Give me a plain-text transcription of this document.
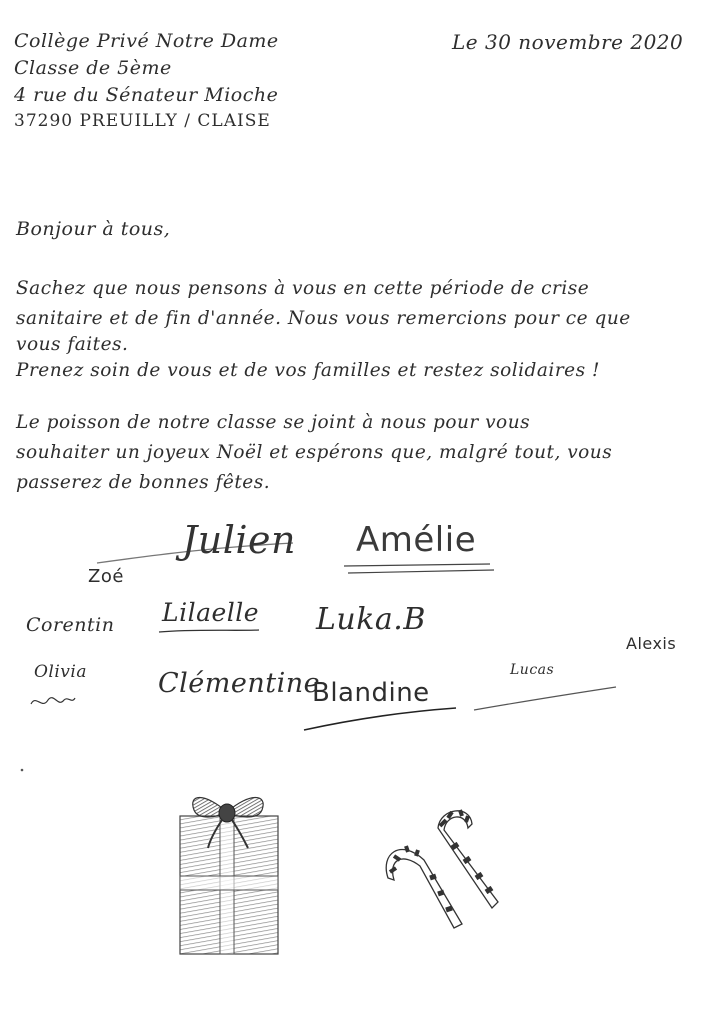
Collège Privé Notre Dame
Classe de 5ème
4 rue du Sénateur Mioche
37290 PREUILLY / CLAISE
Le 30 novembre 2020
Bonjour à tous,
Sachez que nous pensons à vous en cette période de crise
sanitaire et de fin d'année. Nous vous remercions pour ce que
vous faites.
Prenez soin de vous et de vos familles et restez solidaires !
Le poisson de notre classe se joint à nous pour vous
souhaiter un joyeux Noël et espérons que, malgré tout, vous
passerez de bonnes fêtes.
Julien Amélie
Zoé
Corentin Lilaelle Luka.B
Alexis
Olivia	Clémentine
Blandine
Lucas
